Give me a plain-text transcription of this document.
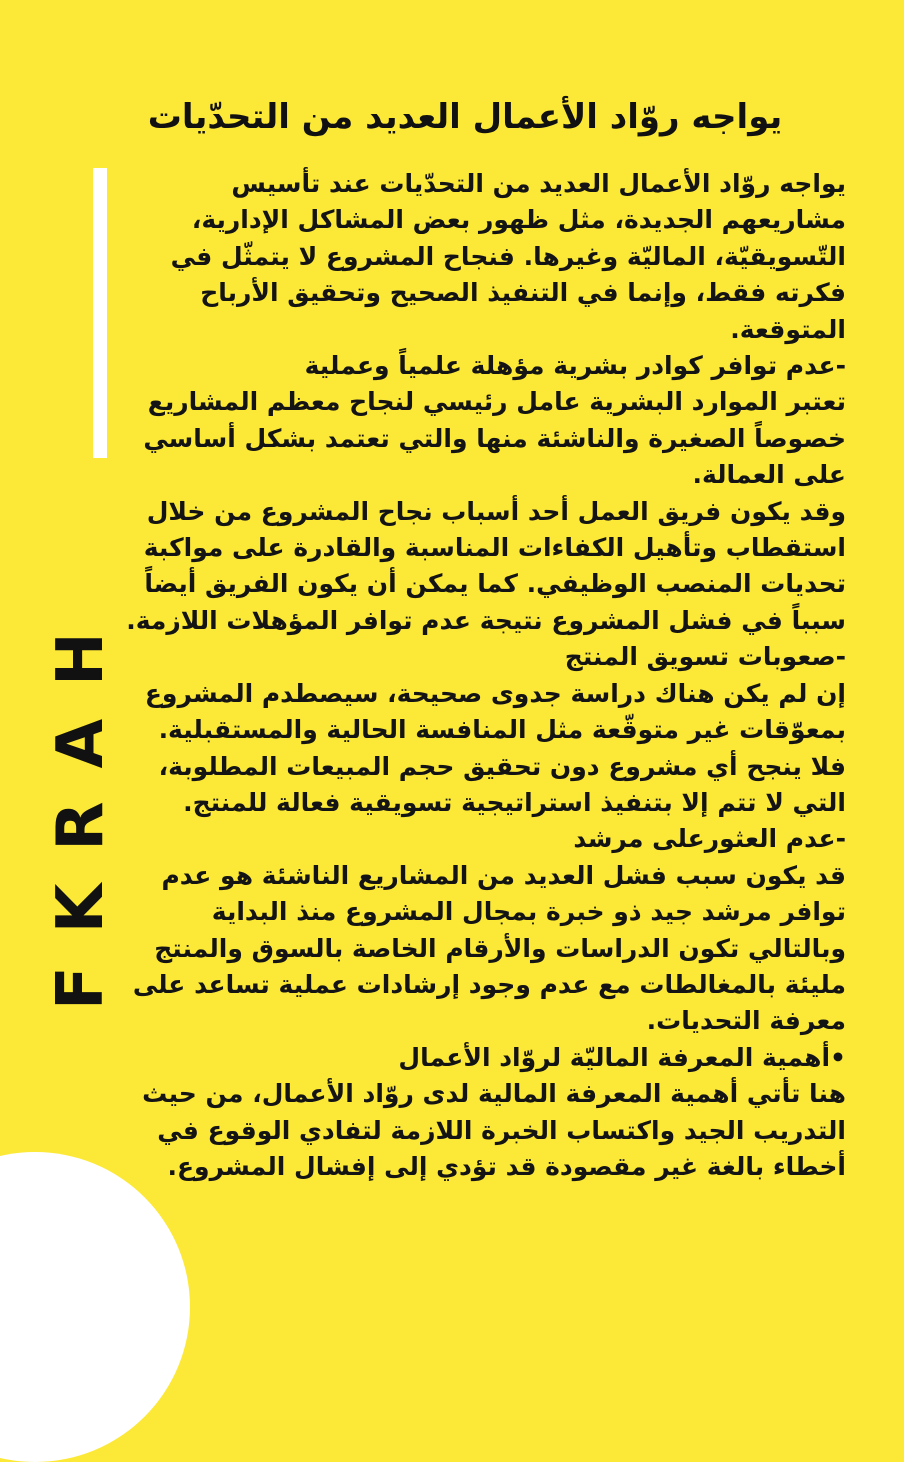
FKRAH
يواجه روّاد الأعمال العديد من التحدّيات

يواجه روّاد الأعمال العديد من التحدّيات عند تأسيس مشاريعهم الجديدة، مثل ظهور بعض المشاكل الإدارية، التّسويقيّة، الماليّة وغيرها. فنجاح المشروع لا يتمثّل في فكرته فقط، وإنما في التنفيذ الصحيح وتحقيق الأرباح المتوقعة.

-عدم توافر كوادر بشرية مؤهلة علمياً وعملية

تعتبر الموارد البشرية عامل رئيسي لنجاح معظم المشاريع خصوصاً الصغيرة والناشئة منها والتي تعتمد بشكل أساسي على العمالة.

وقد يكون فريق العمل أحد أسباب نجاح المشروع من خلال استقطاب وتأهيل الكفاءات المناسبة والقادرة على مواكبة تحديات المنصب الوظيفي. كما يمكن أن يكون الفريق أيضاً سبباً في فشل المشروع نتيجة عدم توافر المؤهلات اللازمة.

-صعوبات تسويق المنتج

إن لم يكن هناك دراسة جدوى صحيحة، سيصطدم المشروع بمعوّقات غير متوقّعة مثل المنافسة الحالية والمستقبلية.

فلا ينجح أي مشروع دون تحقيق حجم المبيعات المطلوبة، التي لا تتم إلا بتنفيذ استراتيجية تسويقية فعالة للمنتج.

-عدم العثورعلى مرشد

قد يكون سبب فشل العديد من المشاريع الناشئة هو عدم توافر مرشد جيد ذو خبرة بمجال المشروع منذ البداية وبالتالي تكون الدراسات والأرقام الخاصة بالسوق والمنتج مليئة بالمغالطات مع عدم وجود إرشادات عملية تساعد على معرفة التحديات.

•أهمية المعرفة الماليّة لروّاد الأعمال

هنا تأتي أهمية المعرفة المالية لدى روّاد الأعمال، من حيث التدريب الجيد واكتساب الخبرة اللازمة لتفادي الوقوع في أخطاء بالغة غير مقصودة قد تؤدي إلى إفشال المشروع.
